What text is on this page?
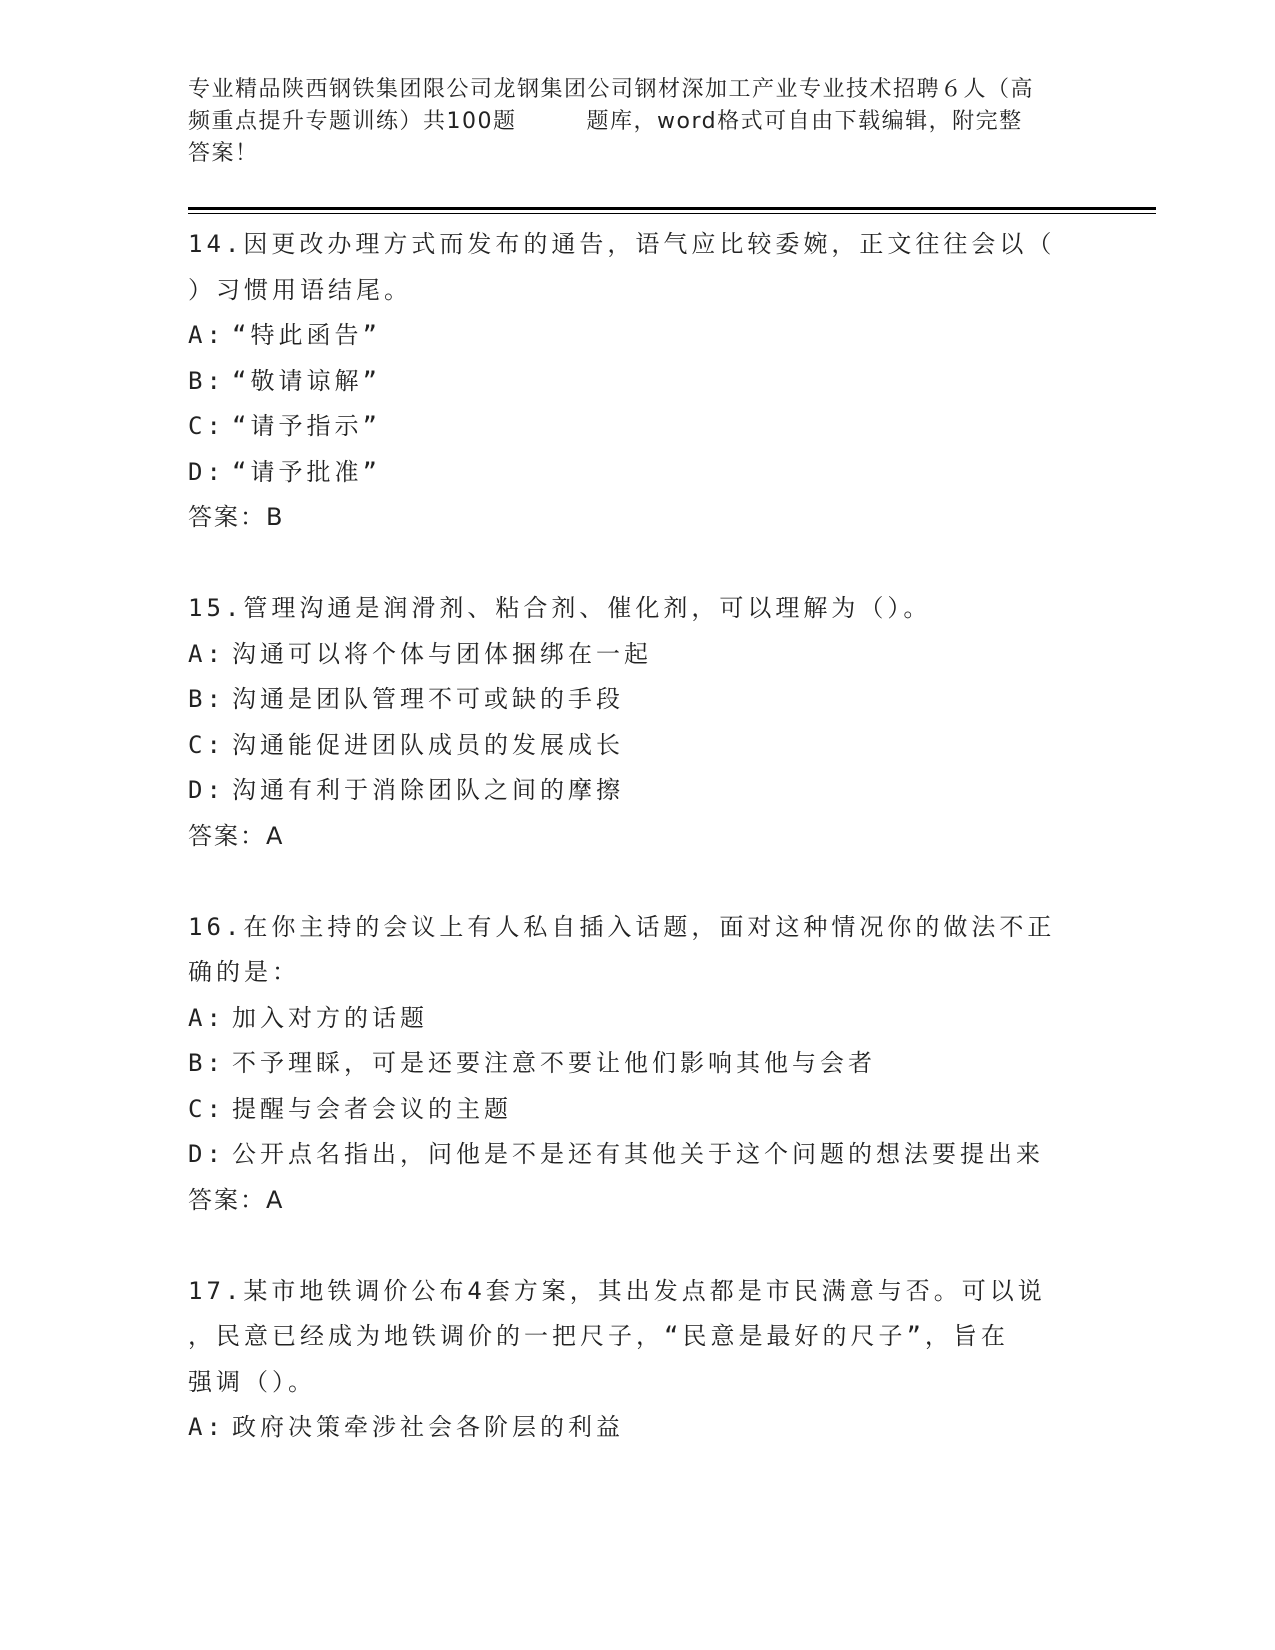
专业精品陕西钢铁集团限公司龙钢集团公司钢材深加工产业专业技术招聘６人（高
频重点提升专题训练）共100题	题库，word格式可自由下载编辑，附完整
答案！
14.因更改办理方式而发布的通告，语气应比较委婉，正文往往会以（
）习惯用语结尾。
A: “特此函告”
B: “敬请谅解”
C: “请予指示”
D: “请予批准”
答案：B
15.管理沟通是润滑剂、粘合剂、催化剂，可以理解为（）。
A: 沟通可以将个体与团体捆绑在一起
B: 沟通是团队管理不可或缺的手段
C: 沟通能促进团队成员的发展成长
D: 沟通有利于消除团队之间的摩擦
答案：A
16.在你主持的会议上有人私自插入话题，面对这种情况你的做法不正
确的是：
A: 加入对方的话题
B: 不予理睬，可是还要注意不要让他们影响其他与会者
C: 提醒与会者会议的主题
D: 公开点名指出，问他是不是还有其他关于这个问题的想法要提出来
答案：A
17.某市地铁调价公布4套方案，其出发点都是市民满意与否。可以说
，民意已经成为地铁调价的一把尺子，“民意是最好的尺子”，旨在
强调（）。
A: 政府决策牵涉社会各阶层的利益
